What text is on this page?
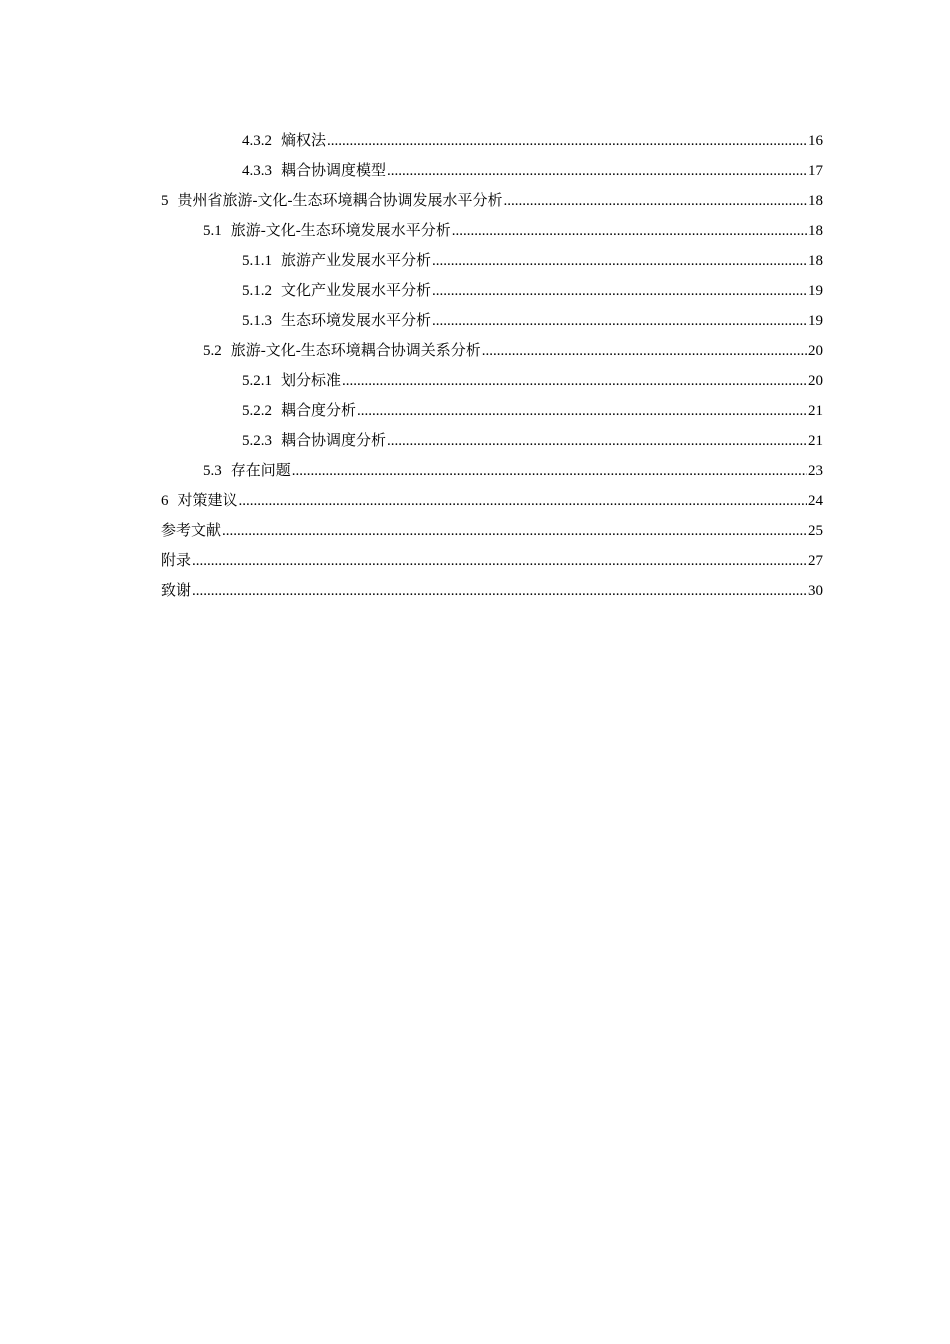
4.3.2 熵权法 .....	16
4.3.3 耦合协调度模型 .....	17
5 贵州省旅游-文化-生态环境耦合协调发展水平分析 .....	18
5.1 旅游-文化-生态环境发展水平分析 .....	18
5.1.1 旅游产业发展水平分析 .....	18
5.1.2 文化产业发展水平分析 .....	19
5.1.3 生态环境发展水平分析 .....	19
5.2 旅游-文化-生态环境耦合协调关系分析 .....	20
5.2.1 划分标准 .....	20
5.2.2 耦合度分析 .....	21
5.2.3 耦合协调度分析 .....	21
5.3 存在问题 .....	23
6 对策建议 .....	24
参考文献 .....	25
附录 .....	27
致谢 .....	30
